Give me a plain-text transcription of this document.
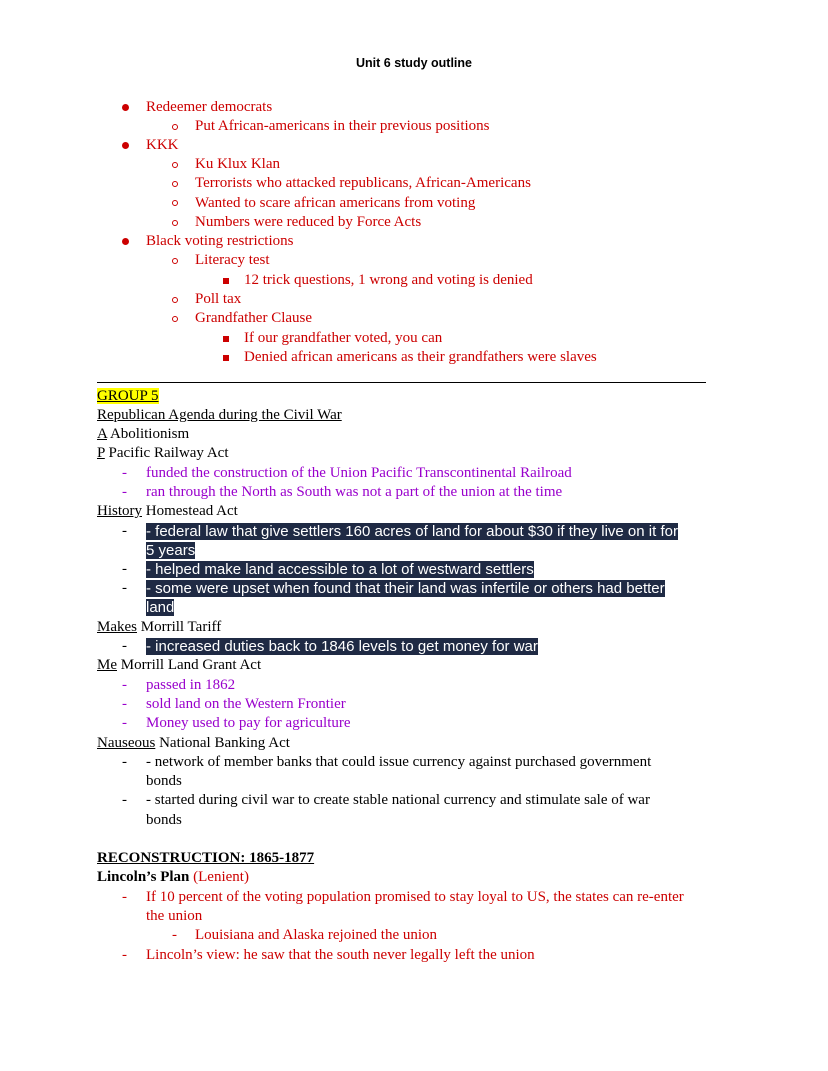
Unit 6 study outline
Redeemer democrats
Put African-americans in their previous positions
KKK
Ku Klux Klan
Terrorists who attacked republicans, African-Americans
Wanted to scare african americans from voting
Numbers were reduced by Force Acts
Black voting restrictions
Literacy test
12 trick questions, 1 wrong and voting is denied
Poll tax
Grandfather Clause
If our grandfather voted, you can
Denied african americans as their grandfathers were slaves
GROUP 5
Republican Agenda during the Civil War
A Abolitionism
P Pacific Railway Act
- funded the construction of the Union Pacific Transcontinental Railroad
- ran through the North as South was not a part of the union at the time
History Homestead Act
- - federal law that give settlers 160 acres of land for about $30 if they live on it for
5 years
- - helped make land accessible to a lot of westward settlers
- - some were upset when found that their land was infertile or others had better
land
Makes Morrill Tariff
- - increased duties back to 1846 levels to get money for war
Me Morrill Land Grant Act
- passed in 1862
- sold land on the Western Frontier
- Money used to pay for agriculture
Nauseous National Banking Act
- - network of member banks that could issue currency against purchased government
bonds
- - started during civil war to create stable national currency and stimulate sale of war
bonds
RECONSTRUCTION: 1865-1877
Lincoln’s Plan (Lenient)
- If 10 percent of the voting population promised to stay loyal to US, the states can re-enter
the union
- Louisiana and Alaska rejoined the union
- Lincoln’s view: he saw that the south never legally left the union
